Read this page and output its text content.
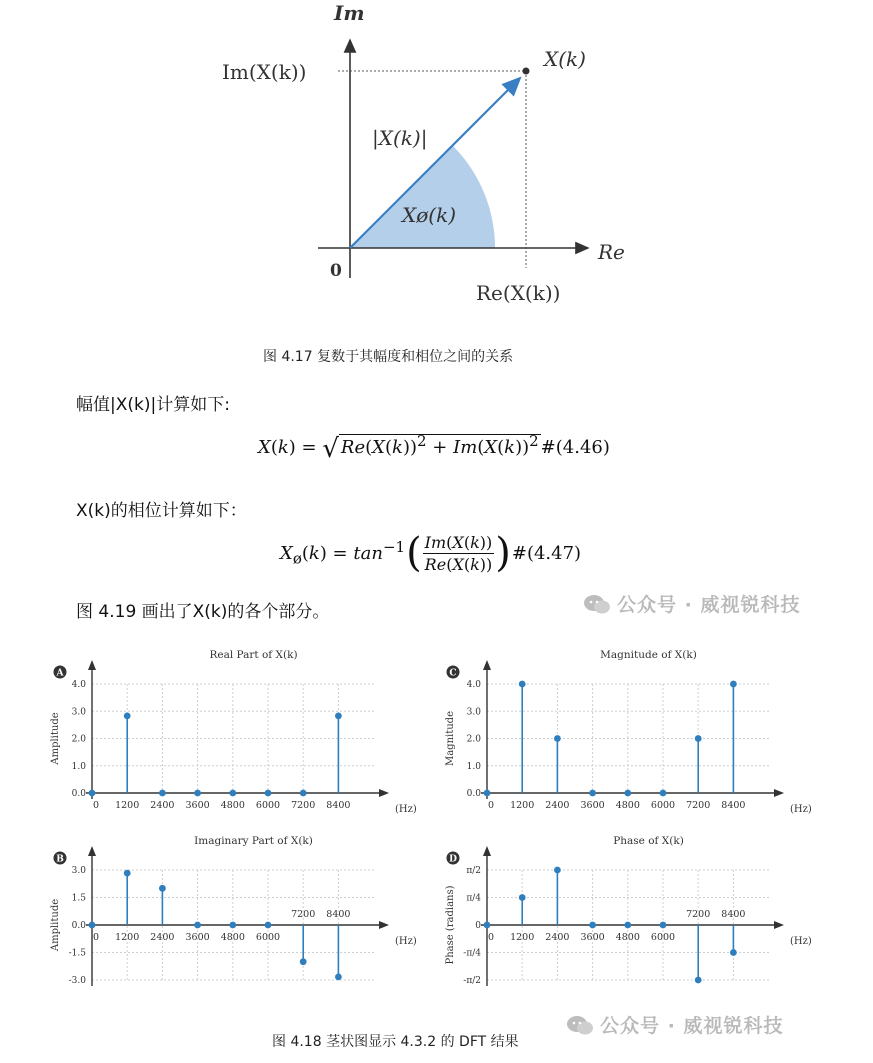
Im
Re
0
Im(X(k))
Re(X(k))
X(k)
|X(k)|
Xø(k)
图 4.17 复数于其幅度和相位之间的关系
幅值|X(k)|计算如下:
X(k) = √ $Re(X(k))^2 + Im(X(k))^2$ #(4.46)
X(k)的相位计算如下：
$X_ø(k) = \tan^{-1}$ ( Im(X(k))
Re(X(k)) ) #(4.47)
图 4.19 画出了X(k)的各个部分。	公众号 · 威视锐科技
0.0
1.0
2.0
3.0
4.0
0 1200 2400 3600 4800 6000 7200 8400	(Hz)
Amplitude
Real Part of X(k)
A
0.0
1.0
2.0
3.0
4.0
0 1200 2400 3600 4800 6000 7200 8400	(Hz)
Magnitude
Magnitude of X(k)
C
-3.0
-1.5
0.0
1.5
3.0
0 1200 2400 3600 4800 6000
7200 8400
(Hz)
Amplitude
Imaginary Part of X(k)
B
-π/2
-π/4
0
π/4
π/2
0 1200 2400 3600 4800 6000
7200 8400
(Hz)
Phase (radians)
Phase of X(k)
D
公众号 · 威视锐科技
图 4.18 茎状图显示 4.3.2 的 DFT 结果
